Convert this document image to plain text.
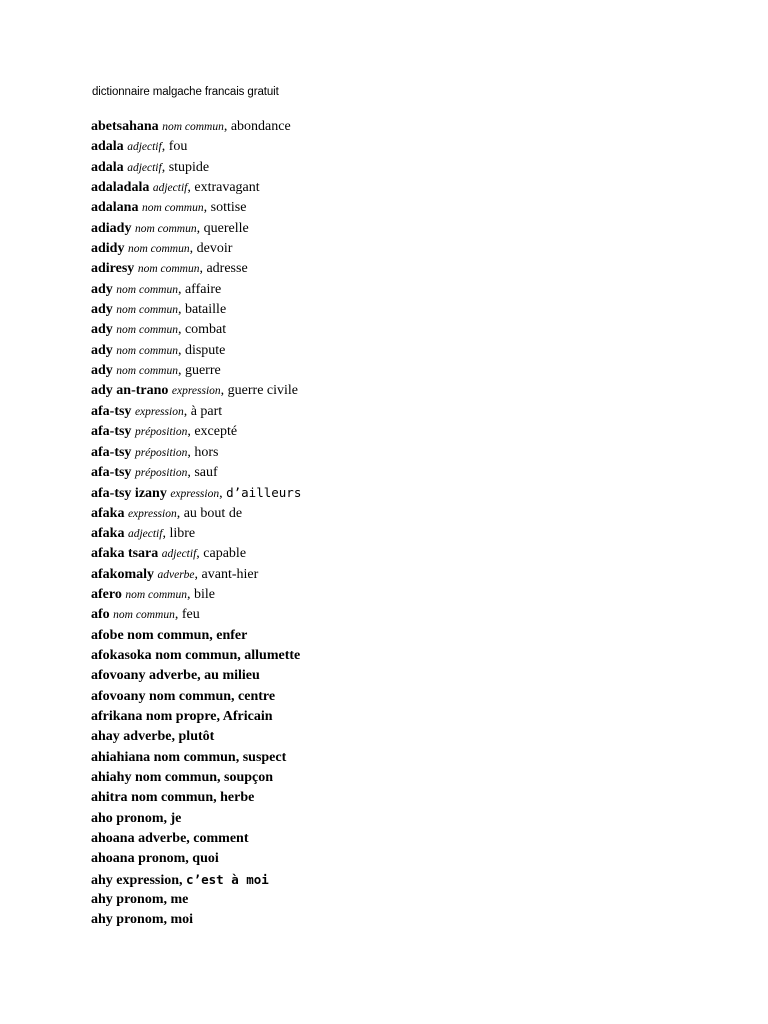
dictionnaire malgache francais gratuit
abetsahana nom commun, abondance
adala adjectif, fou
adala adjectif, stupide
adaladala adjectif, extravagant
adalana nom commun, sottise
adiady nom commun, querelle
adidy nom commun, devoir
adiresy nom commun, adresse
ady nom commun, affaire
ady nom commun, bataille
ady nom commun, combat
ady nom commun, dispute
ady nom commun, guerre
ady an-trano expression, guerre civile
afa-tsy expression, à part
afa-tsy préposition, excepté
afa-tsy préposition, hors
afa-tsy préposition, sauf
afa-tsy izany expression, d’ailleurs
afaka expression, au bout de
afaka adjectif, libre
afaka tsara adjectif, capable
afakomaly adverbe, avant-hier
afero nom commun, bile
afo nom commun, feu
afobe nom commun, enfer
afokasoka nom commun, allumette
afovoany adverbe, au milieu
afovoany nom commun, centre
afrikana nom propre, Africain
ahay adverbe, plutôt
ahiahiana nom commun, suspect
ahiahy nom commun, soupçon
ahitra nom commun, herbe
aho pronom, je
ahoana adverbe, comment
ahoana pronom, quoi
ahy expression, c’est à moi
ahy pronom, me
ahy pronom, moi
